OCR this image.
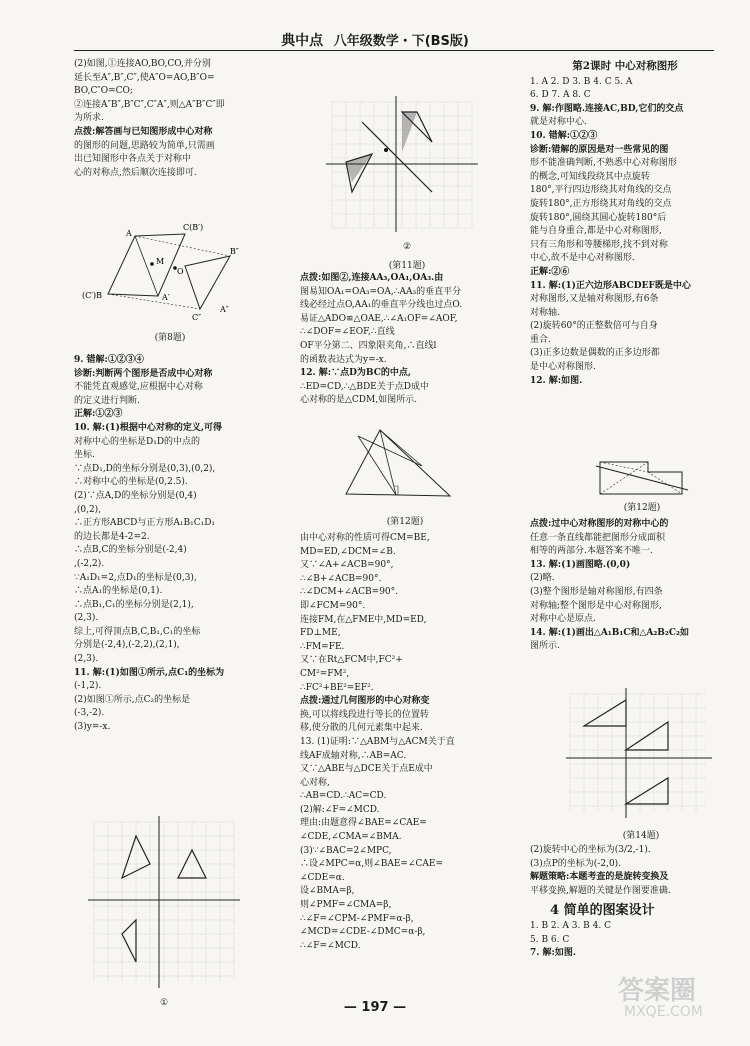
典中点 八年级数学・下(BS版)

(2)如图,①连接AO,BO,CO,并分别

延长至A″,B″,C″,使A″O=AO,B″O=

BO,C″O=CO;

②连接A″B″,B″C″,C″A″,则△A″B″C″即

为所求.

点拨:解答画与已知图形成中心对称

的图形的问题,思路较为简单,只需画

出已知图形中各点关于对称中

心的对称点,然后顺次连接即可.

A
C(B′)
M
O
B″
(C′)B	A′
A″
C″
(第8题)

9. 错解:①②③④

诊断:判断两个图形是否成中心对称

不能凭直观感觉,应根据中心对称

的定义进行判断.

正解:①②③

10. 解:(1)根据中心对称的定义,可得

对称中心的坐标是D₁D的中点的

坐标.

∵点D₁,D的坐标分别是(0,3),(0,2),

∴对称中心的坐标是(0,2.5).

(2)∵点A,D的坐标分别是(0,4)

,(0,2),

∴正方形ABCD与正方形A₁B₁C₁D₁

的边长都是4-2=2.

∴点B,C的坐标分别是(-2,4)

,(-2,2).

∵A₁D₁=2,点D₁的坐标是(0,3),

∴点A₁的坐标是(0,1).

∴点B₁,C₁的坐标分别是(2,1),

(2,3).

综上,可得顶点B,C,B₁,C₁的坐标

分别是(-2,4),(-2,2),(2,1),

(2,3).

11. 解:(1)如图①所示,点C₁的坐标为

(-1,2).

(2)如图①所示,点C₂的坐标是

(-3,-2).

(3)y=-x.

①
②
(第11题)

点拨:如图②,连接AA₃,OA₁,OA₃.由

图易知OA₁=OA₃=OA,∴AA₃的垂直平分

线必经过点O,AA₁的垂直平分线也过点O.

易证△ADO≌△OAE,∴∠A₁OF=∠AOF,

∴∠DOF=∠EOF,∴直线

OF平分第二、四象限夹角,∴直线l

的函数表达式为y=-x.

12. 解:∵点D为BC的中点,

∴ED=CD,∴△BDE关于点D成中

心对称的是△CDM,如图所示.

(第12题)

由中心对称的性质可得CM=BE,

MD=ED,∠DCM=∠B.

又∵∠A+∠ACB=90°,

∴∠B+∠ACB=90°.

∴∠DCM+∠ACB=90°.

即∠FCM=90°.

连接FM,在△FME中,MD=ED,

FD⊥ME,

∴FM=FE.

又∵在Rt△FCM中,FC²+

CM²=FM²,

∴FC²+BE²=EF².

点拨:通过几何图形的中心对称变

换,可以将线段进行等长的位置转

移,使分散的几何元素集中起来.

13. (1)证明:∵△ABM与△ACM关于直

线AF成轴对称,∴AB=AC.

又∵△ABE与△DCE关于点E成中

心对称,

∴AB=CD.∴AC=CD.

(2)解:∠F=∠MCD.

理由:由题意得∠BAE=∠CAE=

∠CDE,∠CMA=∠BMA.

(3)∵∠BAC=2∠MPC,

∴设∠MPC=α,则∠BAE=∠CAE=

∠CDE=α.

设∠BMA=β,

则∠PMF=∠CMA=β,

∴∠F=∠CPM-∠PMF=α-β,

∠MCD=∠CDE-∠DMC=α-β,

∴∠F=∠MCD.

第2课时 中心对称图形

1. A 2. D 3. B 4. C 5. A

6. D 7. A 8. C

9. 解:作图略.连接AC,BD,它们的交点

就是对称中心.

10. 错解:①②③

诊断:错解的原因是对一些常见的图

形不能准确判断,不熟悉中心对称图形

的概念,可知线段绕其中点旋转

180°,平行四边形绕其对角线的交点

旋转180°,正方形绕其对角线的交点

旋转180°,圆绕其圆心旋转180°后

能与自身重合,都是中心对称图形,

只有三角形和等腰梯形,找不到对称

中心,故不是中心对称图形.

正解:②⑥

11. 解:(1)正六边形ABCDEF既是中心

对称图形,又是轴对称图形,有6条

对称轴.

(2)旋转60°的正整数倍可与自身

重合.

(3)正多边数是偶数的正多边形都

是中心对称图形.

12. 解:如图.

(第12题)

点拨:过中心对称图形的对称中心的

任意一条直线都能把图形分成面积

相等的两部分.本题答案不唯一.

13. 解:(1)画图略.(0,0)

(2)略.

(3)整个图形是轴对称图形,有四条

对称轴;整个图形是中心对称图形,

对称中心是原点.

14. 解:(1)画出△A₁B₁C和△A₂B₂C₂如

图所示.

(第14题)

(2)旋转中心的坐标为(3/2,-1).

(3)点P的坐标为(-2,0).

解题策略:本题考查的是旋转变换及

平移变换,解题的关键是作图要准确.

4 简单的图案设计

1. B 2. A 3. B 4. C

5. B 6. C

7. 解:如图.

— 197 —
答案圈
MXQE.COM
